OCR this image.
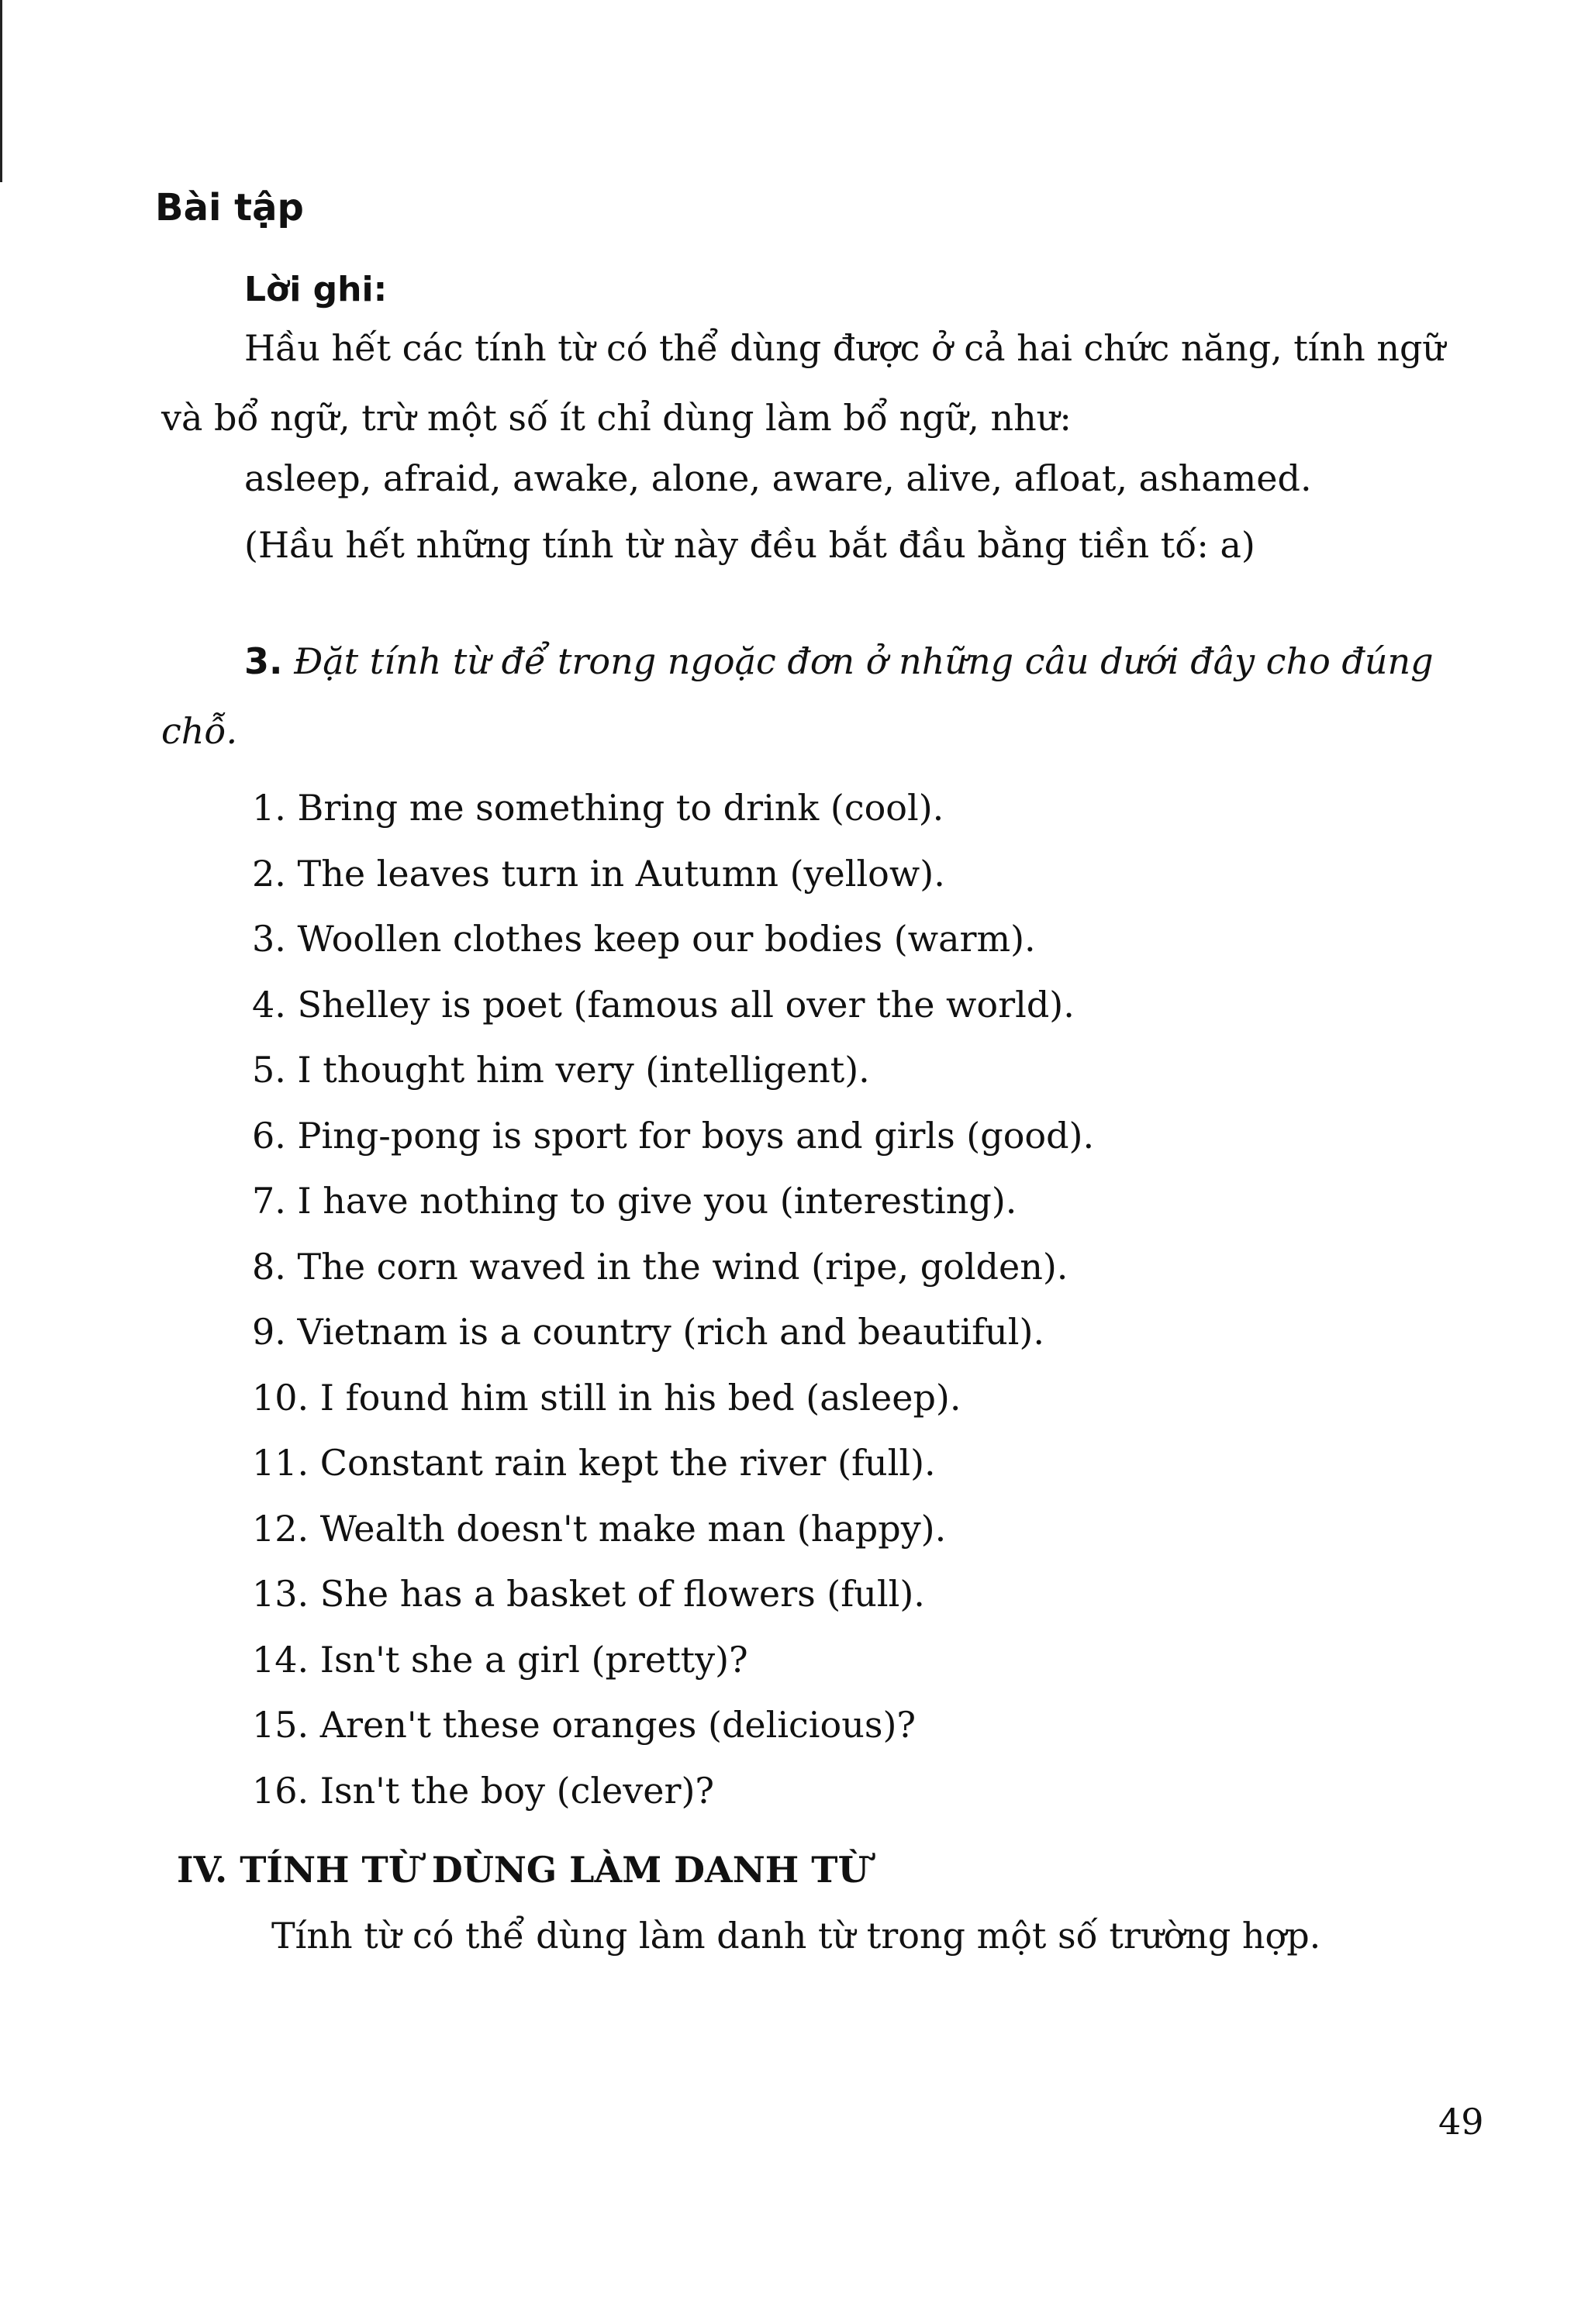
Bài tập
Lời ghi:

Hầu hết các tính từ có thể dùng được ở cả hai chức năng, tính ngữ và bổ ngữ, trừ một số ít chỉ dùng làm bổ ngữ, như:

asleep, afraid, awake, alone, aware, alive, afloat, ashamed.

(Hầu hết những tính từ này đều bắt đầu bằng tiền tố: a)

3. Đặt tính từ để trong ngoặc đơn ở những câu dưới đây cho đúng chỗ.

1. Bring me something to drink (cool).
2. The leaves turn in Autumn (yellow).
3. Woollen clothes keep our bodies (warm).
4. Shelley is poet (famous all over the world).
5. I thought him very (intelligent).
6. Ping-pong is sport for boys and girls (good).
7. I have nothing to give you (interesting).
8. The corn waved in the wind (ripe, golden).
9. Vietnam is a country (rich and beautiful).
10. I found him still in his bed (asleep).
11. Constant rain kept the river (full).
12. Wealth doesn't make man (happy).
13. She has a basket of flowers (full).
14. Isn't she a girl (pretty)?
15. Aren't these oranges (delicious)?
16. Isn't the boy (clever)?
IV. TÍNH TỪ DÙNG LÀM DANH TỪ

Tính từ có thể dùng làm danh từ trong một số trường hợp.

49
